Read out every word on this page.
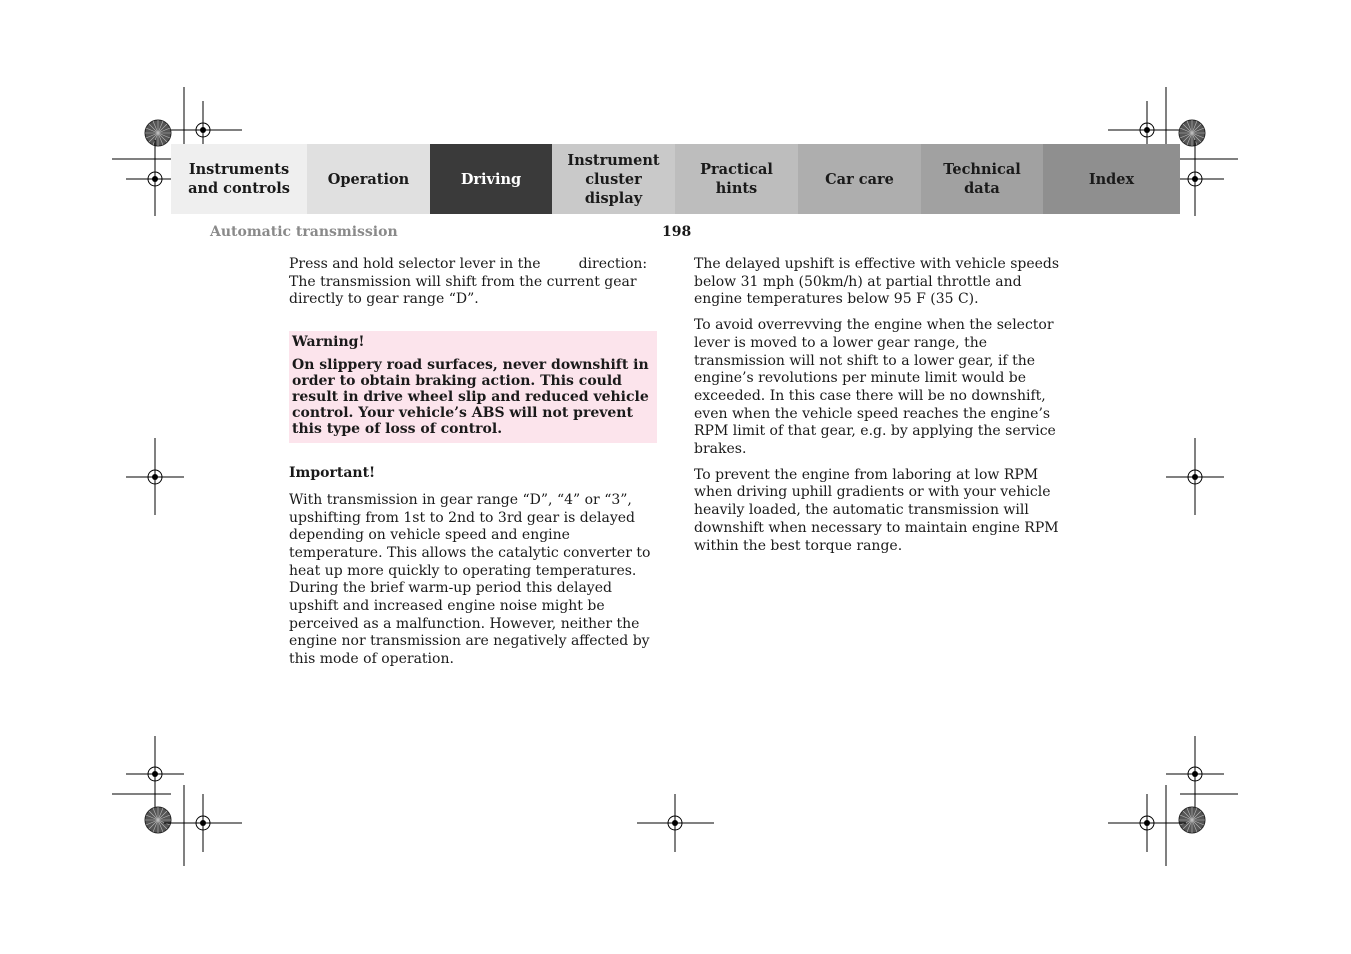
Instruments
and controls
Operation	Driving
Instrument
cluster display
Practical hints
Car care
Technical
data
Index
Automatic transmission	198

Press and hold selector lever in the	direction:
The transmission will shift from the current gear directly to gear range “D”.

Warning!
On slippery road surfaces, never downshift in order to obtain braking action. This could result in drive wheel slip and reduced vehicle control. Your vehicle’s ABS will not prevent this type of loss of control.

Important!

With transmission in gear range “D”, “4” or “3”, upshifting from 1st to 2nd to 3rd gear is delayed depending on vehicle speed and engine temperature. This allows the catalytic converter to heat up more quickly to operating temperatures.

During the brief warm-up period this delayed upshift and increased engine noise might be perceived as a malfunction. However, neither the engine nor transmission are negatively affected by this mode of operation.

The delayed upshift is effective with vehicle speeds below 31 mph (50km/h) at partial throttle and engine temperatures below 95 F (35 C).

To avoid overrevving the engine when the selector lever is moved to a lower gear range, the transmission will not shift to a lower gear, if the engine’s revolutions per minute limit would be exceeded. In this case there will be no downshift, even when the vehicle speed reaches the engine’s RPM limit of that gear, e.g. by applying the service brakes.

To prevent the engine from laboring at low RPM when driving uphill gradients or with your vehicle heavily loaded, the automatic transmission will downshift when necessary to maintain engine RPM within the best torque range.
